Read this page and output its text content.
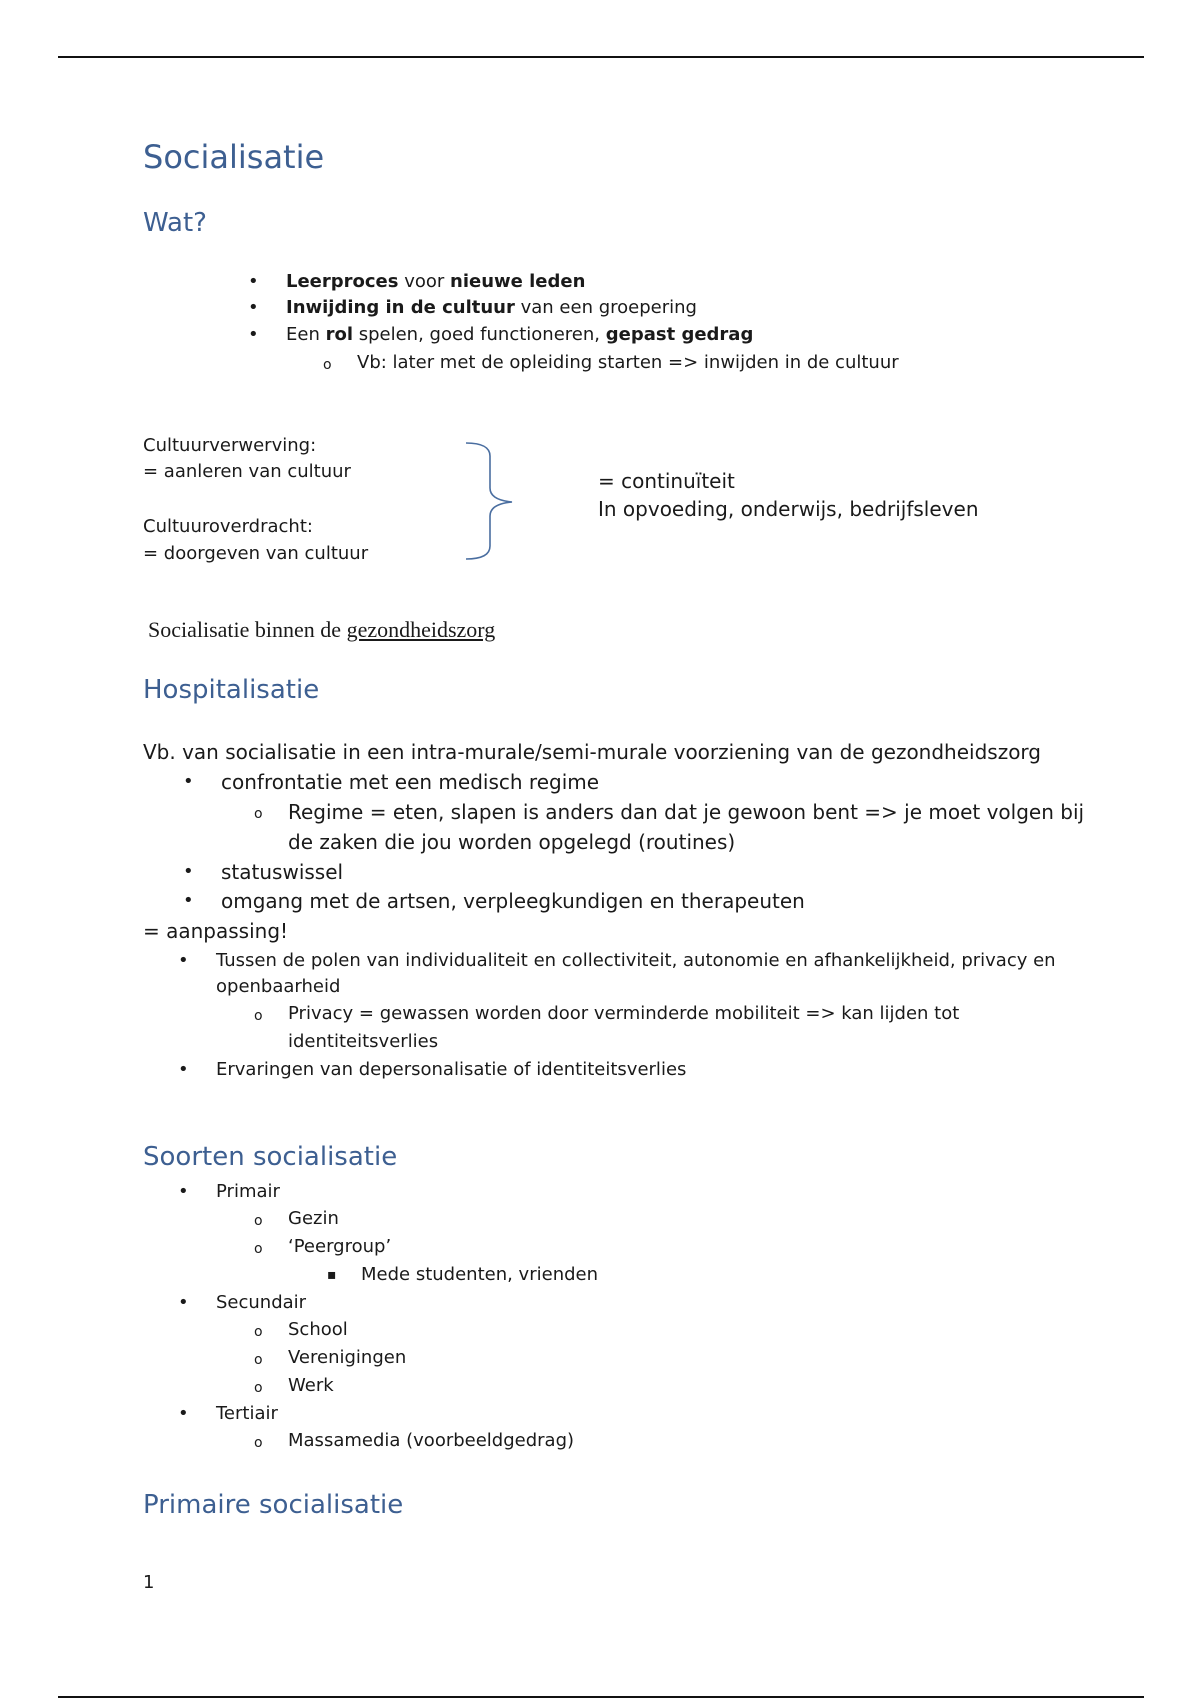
Socialisatie
Wat?
• Leerproces voor nieuwe leden
• Inwijding in de cultuur van een groepering
• Een rol spelen, goed functioneren, gepast gedrag
o Vb: later met de opleiding starten => inwijden in de cultuur
Cultuurverwerving:
= aanleren van cultuur
Cultuuroverdracht:
= doorgeven van cultuur
= continuïteit
In opvoeding, onderwijs, bedrijfsleven
Socialisatie binnen de gezondheidszorg
Hospitalisatie
Vb. van socialisatie in een intra-murale/semi-murale voorziening van de gezondheidszorg
• confrontatie met een medisch regime
o Regime = eten, slapen is anders dan dat je gewoon bent => je moet volgen bij
de zaken die jou worden opgelegd (routines)
• statuswissel
• omgang met de artsen, verpleegkundigen en therapeuten
= aanpassing!
• Tussen de polen van individualiteit en collectiviteit, autonomie en afhankelijkheid, privacy en
openbaarheid
o Privacy = gewassen worden door verminderde mobiliteit => kan lijden tot
identiteitsverlies
• Ervaringen van depersonalisatie of identiteitsverlies
Soorten socialisatie
• Primair
o Gezin
o ‘Peergroup’
▪ Mede studenten, vrienden
• Secundair
o School
o Verenigingen
o Werk
• Tertiair
o Massamedia (voorbeeldgedrag)
Primaire socialisatie
1
